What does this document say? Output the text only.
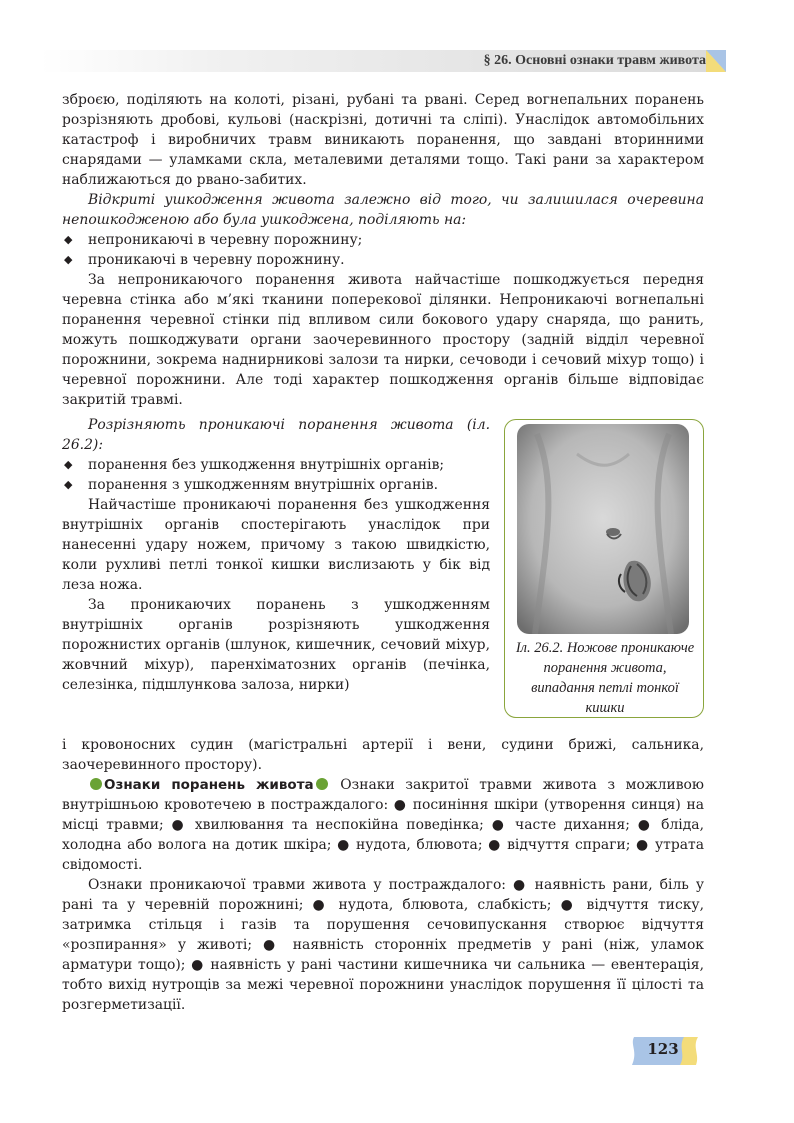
§ 26. Основні ознаки травм живота

зброєю, поділяють на колоті, різані, рубані та рвані. Серед вогнепальних поранень розрізняють дробові, кульові (наскрізні, дотичні та сліпі). Унаслідок автомобільних катастроф і виробничих травм виникають поранення, що завдані вторинними снарядами — уламками скла, металевими деталями тощо. Такі рани за характером наближаються до рвано-забитих.

Відкриті ушкодження живота залежно від того, чи залишилася очеревина непошкодженою або була ушкоджена, поділяють на:

◆ непроникаючі в черевну порожнину;
◆ проникаючі в черевну порожнину.

За непроникаючого поранення живота найчастіше пошкоджується передня черевна стінка або м’які тканини поперекової ділянки. Непроникаючі вогнепальні поранення черевної стінки під впливом сили бокового удару снаряда, що ранить, можуть пошкоджувати органи заочеревинного простору (задній відділ черевної порожнини, зокрема наднирникові залози та нирки, сечоводи і сечовий міхур тощо) і черевної порожнини. Але тоді характер пошкодження органів більше відповідає закритій травмі.

Розрізняють проникаючі поранення живота (іл. 26.2):

◆ поранення без ушкодження внутрішніх органів;
◆ поранення з ушкодженням внутрішніх органів.

Найчастіше проникаючі поранення без ушкодження внутрішніх органів спостерігають унаслідок при нанесенні удару ножем, причому з такою швидкістю, коли рухливі петлі тонкої кишки вислизають у бік від леза ножа.

За проникаючих поранень з ушкодженням внутрішніх органів розрізняють ушкодження порожнистих органів (шлунок, кишечник, сечовий міхур, жовчний міхур), паренхіматозних органів (печінка, селезінка, підшлункова залоза, нирки)

Іл. 26.2. Ножове проникаюче поранення живота, випадання петлі тонкої кишки

і кровоносних судин (магістральні артерії і вени, судини брижі, сальника, заочеревинного простору).

Ознаки поранень живота Ознаки закритої травми живота з можливою внутрішньою кровотечею в постраждалого: ● посиніння шкіри (утворення синця) на місці травми; ● хвилювання та неспокійна поведінка; ● часте дихання; ● бліда, холодна або волога на дотик шкіра; ● нудота, блювота; ● відчуття спраги; ● утрата свідомості.

Ознаки проникаючої травми живота у постраждалого: ● наявність рани, біль у рані та у черевній порожнині; ● нудота, блювота, слабкість; ● відчуття тиску, затримка стільця і газів та порушення сечовипускання створює відчуття «розпирання» у животі; ● наявність сторонніх предметів у рані (ніж, уламок арматури тощо); ● наявність у рані частини кишечника чи сальника — евентерація, тобто вихід нутрощів за межі черевної порожнини унаслідок порушення її цілості та розгерметизації.

123
